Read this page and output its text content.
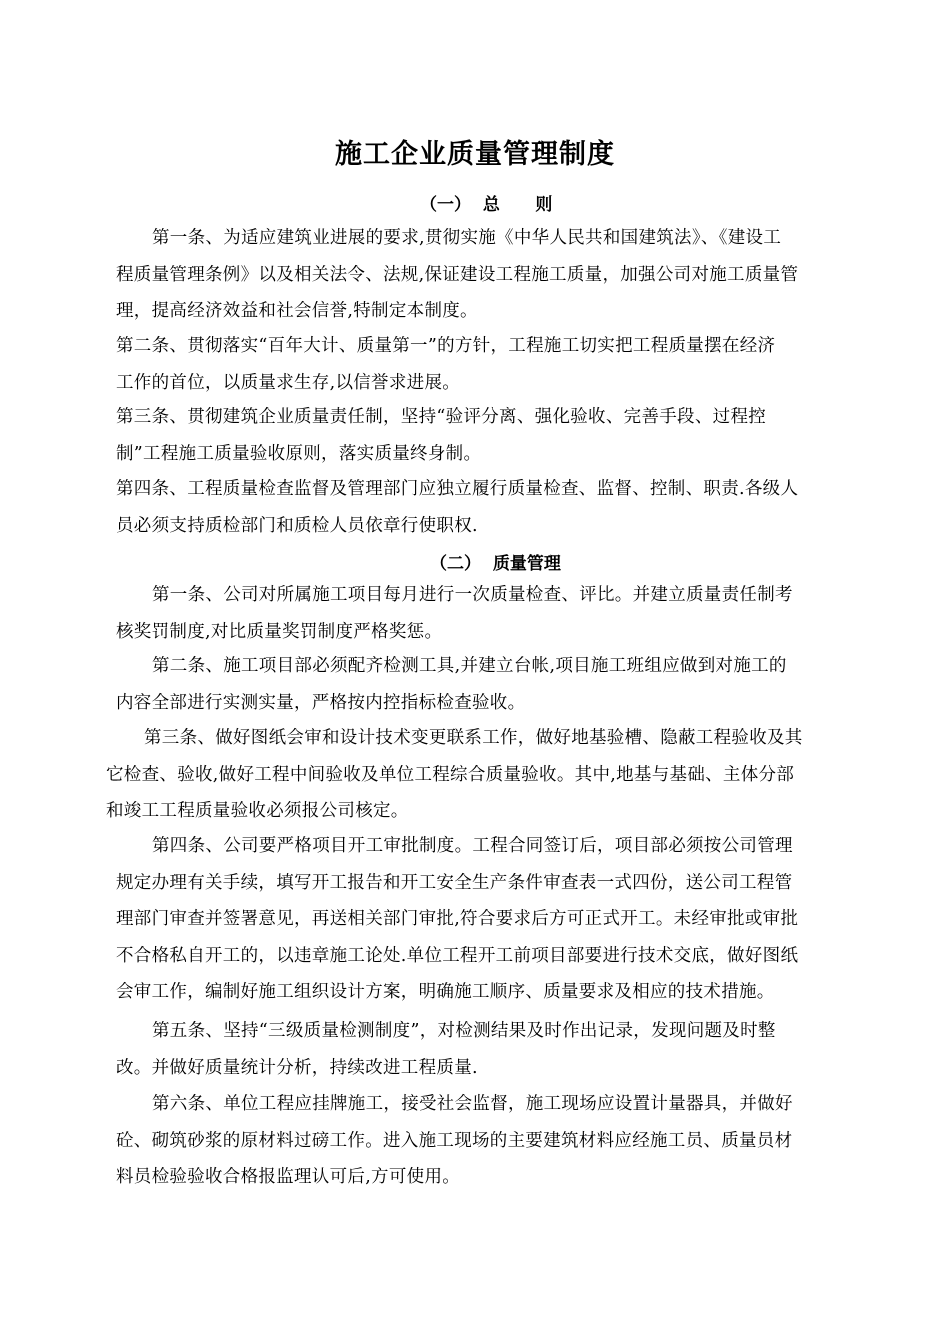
施工企业质量管理制度
（一）  总      则
第一条、为适应建筑业进展的要求,贯彻实施《中华人民共和国建筑法》、《建设工
程质量管理条例》以及相关法令、法规,保证建设工程施工质量，加强公司对施工质量管
理，提高经济效益和社会信誉,特制定本制度。
第二条、贯彻落实“百年大计、质量第一”的方针，工程施工切实把工程质量摆在经济
工作的首位，以质量求生存,以信誉求进展。
第三条、贯彻建筑企业质量责任制，坚持“验评分离、强化验收、完善手段、过程控
制”工程施工质量验收原则，落实质量终身制。
第四条、工程质量检查监督及管理部门应独立履行质量检查、监督、控制、职责.各级人
员必须支持质检部门和质检人员依章行使职权.
（二）  质量管理
第一条、公司对所属施工项目每月进行一次质量检查、评比。并建立质量责任制考
核奖罚制度,对比质量奖罚制度严格奖惩。
第二条、施工项目部必须配齐检测工具,并建立台帐,项目施工班组应做到对施工的
内容全部进行实测实量，严格按内控指标检查验收。
第三条、做好图纸会审和设计技术变更联系工作，做好地基验槽、隐蔽工程验收及其
它检查、验收,做好工程中间验收及单位工程综合质量验收。其中,地基与基础、主体分部
和竣工工程质量验收必须报公司核定。
第四条、公司要严格项目开工审批制度。工程合同签订后，项目部必须按公司管理
规定办理有关手续，填写开工报告和开工安全生产条件审查表一式四份，送公司工程管
理部门审查并签署意见，再送相关部门审批,符合要求后方可正式开工。未经审批或审批
不合格私自开工的，以违章施工论处.单位工程开工前项目部要进行技术交底，做好图纸
会审工作，编制好施工组织设计方案，明确施工顺序、质量要求及相应的技术措施。
第五条、坚持“三级质量检测制度”，对检测结果及时作出记录，发现问题及时整
改。并做好质量统计分析，持续改进工程质量.
第六条、单位工程应挂牌施工，接受社会监督，施工现场应设置计量器具，并做好
砼、砌筑砂浆的原材料过磅工作。进入施工现场的主要建筑材料应经施工员、质量员材
料员检验验收合格报监理认可后,方可使用。
